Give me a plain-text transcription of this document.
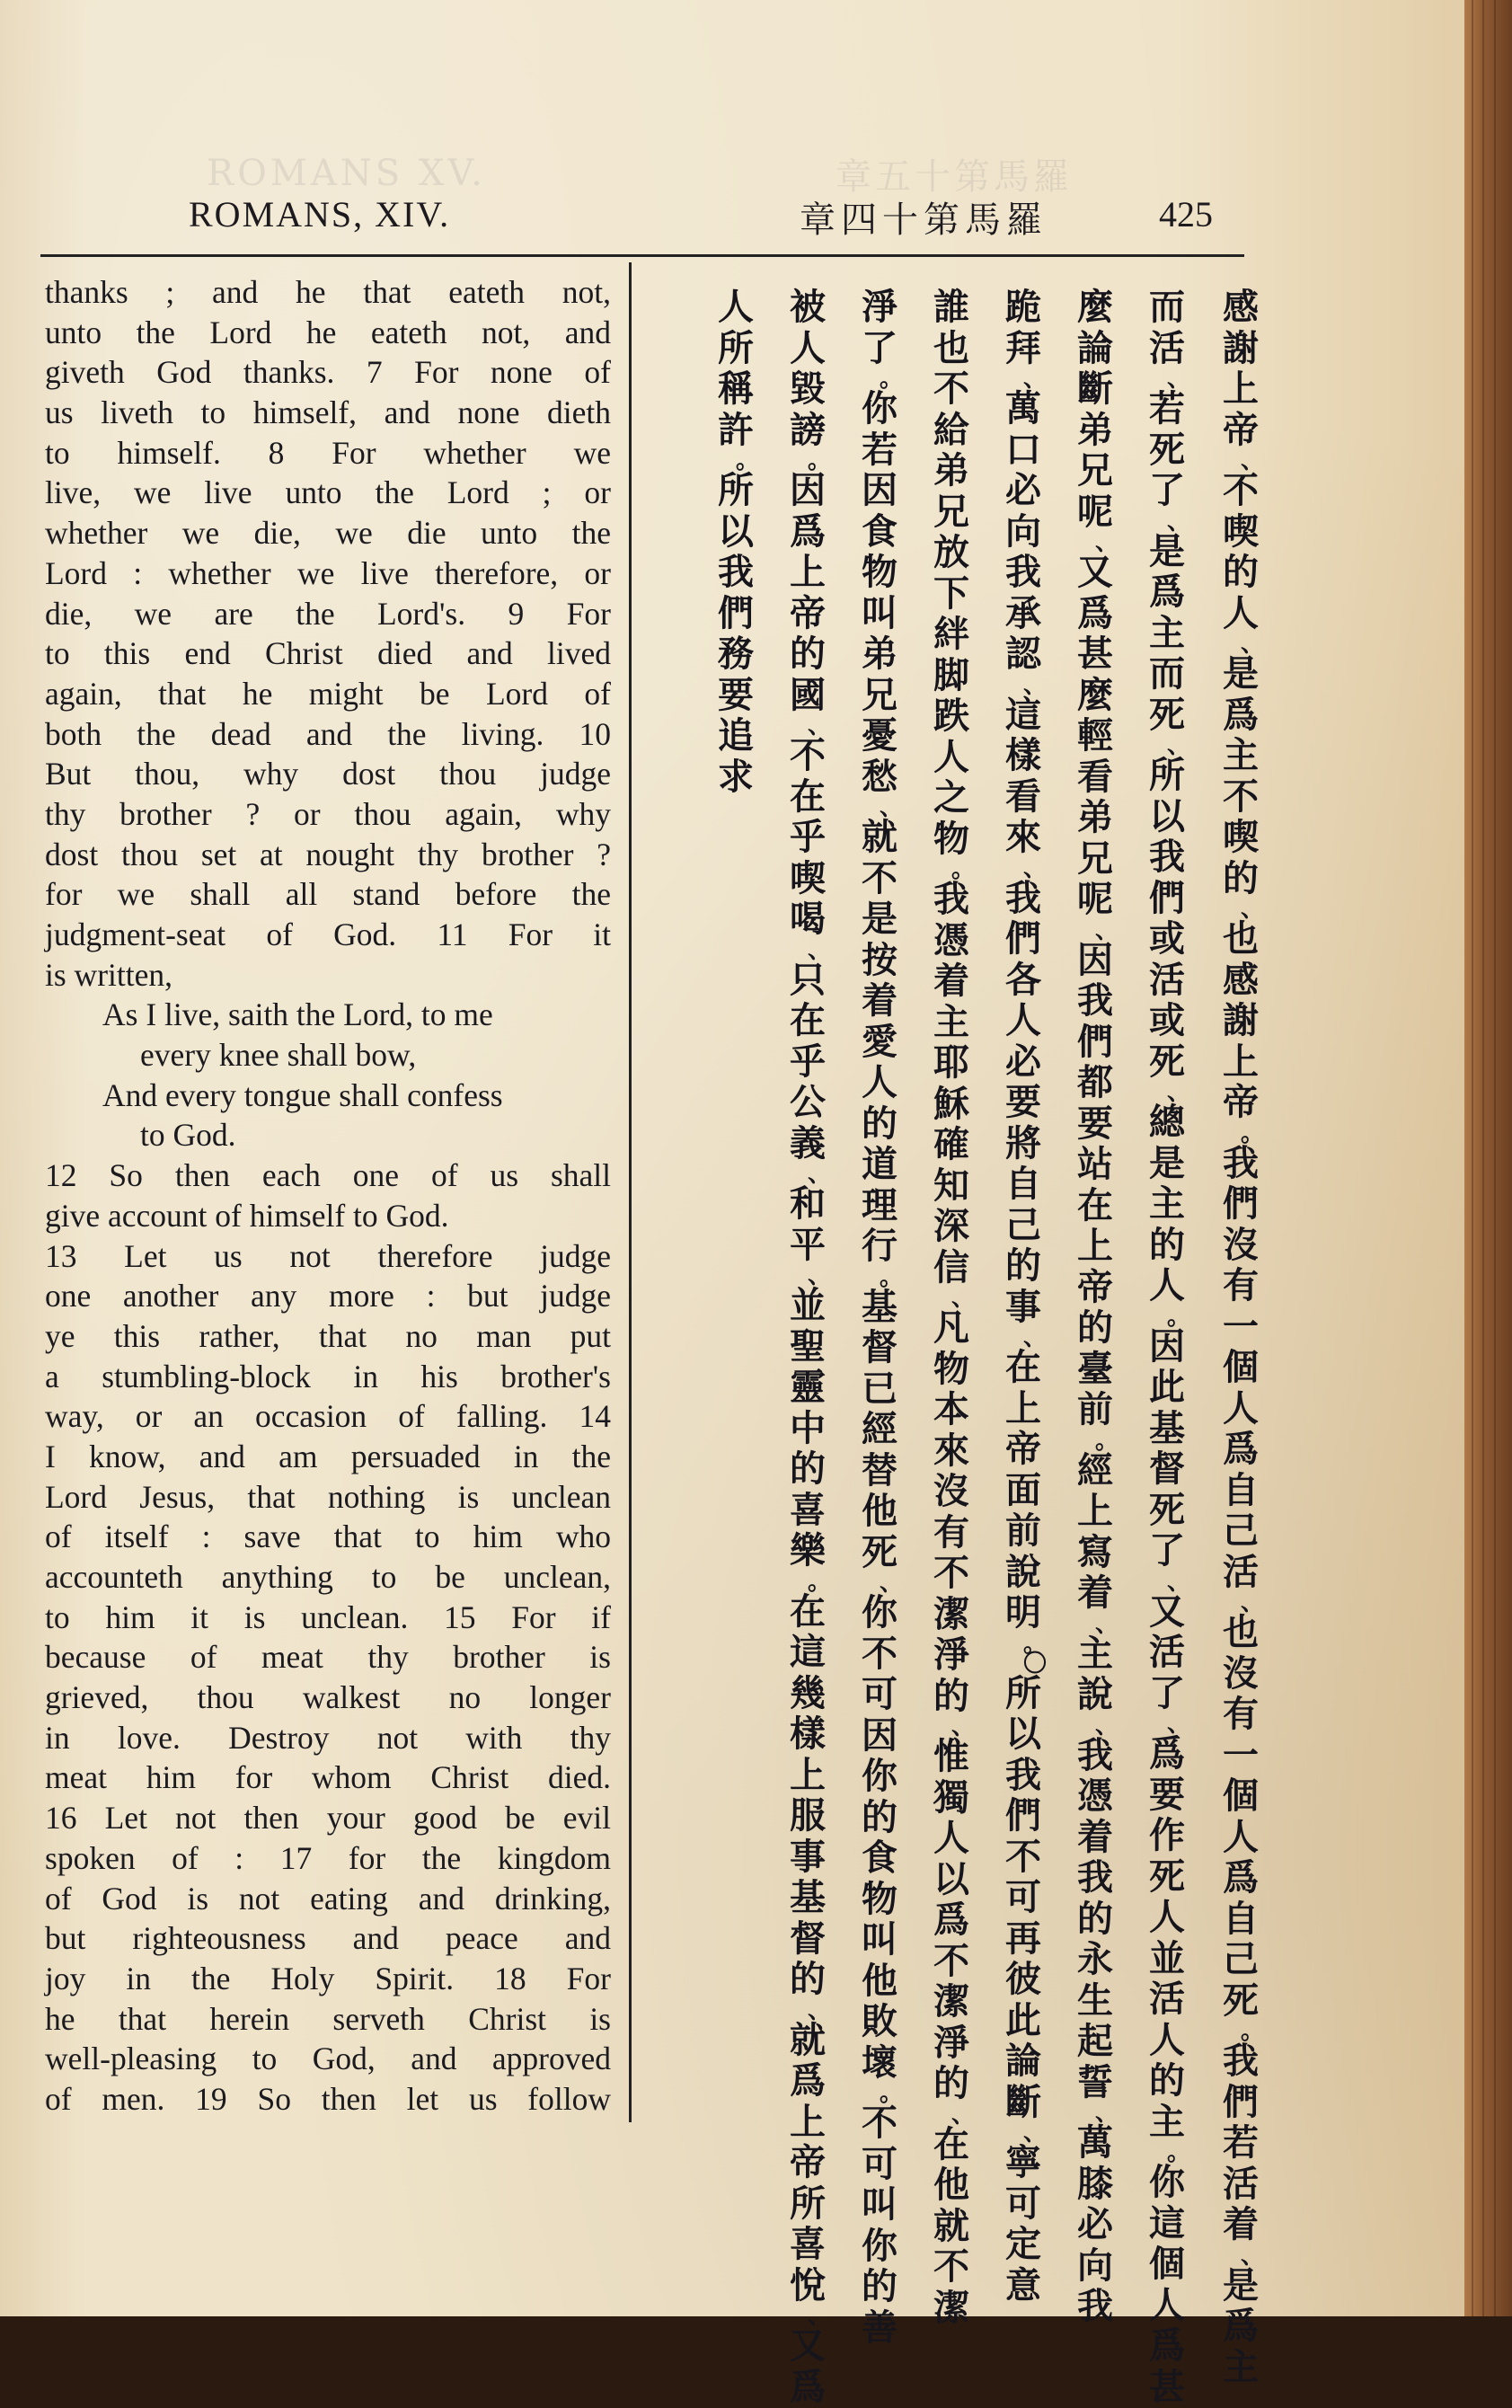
ROMANS XV.	章五十第馬羅
ROMANS, XIV.	章四十第馬羅	425
thanks ; and he that eateth not,
unto the Lord he eateth not, and
giveth God thanks. 7 For none of
us liveth to himself, and none dieth
to himself. 8 For whether we
live, we live unto the Lord ; or
whether we die, we die unto the
Lord : whether we live therefore, or
die, we are the Lord's. 9 For
to this end Christ died and lived
again, that he might be Lord of
both the dead and the living. 10
But thou, why dost thou judge
thy brother ? or thou again, why
dost thou set at nought thy brother ?
for we shall all stand before the
judgment-seat of God. 11 For it
is written,
As I live, saith the Lord, to me
every knee shall bow,
And every tongue shall confess
to God.
12 So then each one of us shall
give account of himself to God.
13 Let us not therefore judge
one another any more : but judge
ye this rather, that no man put
a stumbling-block in his brother's
way, or an occasion of falling. 14
I know, and am persuaded in the
Lord Jesus, that nothing is unclean
of itself : save that to him who
accounteth anything to be unclean,
to him it is unclean. 15 For if
because of meat thy brother is
grieved, thou walkest no longer
in love. Destroy not with thy
meat him for whom Christ died.
16 Let not then your good be evil
spoken of : 17 for the kingdom
of God is not eating and drinking,
but righteousness and peace and
joy in the Holy Spirit. 18 For
he that herein serveth Christ is
well-pleasing to God, and approved
of men. 19 So then let us follow
感
謝
上
帝
、
不
喫
的
人
、
是
爲
主
不
喫
的
、
也
感
謝
上
帝
。
我
們
沒
有
一
個
人
爲
自
己
活
、
也
沒
有
一
個
人
爲
自
己
死
。
我
們
若
活
着
、
是
爲
主
而
活
、
若
死
了
、
是
爲
主
而
死
、
所
以
我
們
或
活
或
死
、
總
是
主
的
人
。
因
此
基
督
死
了
、
又
活
了
、
爲
要
作
死
人
並
活
人
的
主
。
你
這
個
人
爲
甚
麼
論
斷
弟
兄
呢
、
又
爲
甚
麼
輕
看
弟
兄
呢
、
因
我
們
都
要
站
在
上
帝
的
臺
前
。
經
上
寫
着
、
主
說
、
我
憑
着
我
的
永
生
起
誓
、
萬
膝
必
向
我
跪
拜
、
萬
口
必
向
我
承
認
、
這
樣
看
來
、
我
們
各
人
必
要
將
自
己
的
事
、
在
上
帝
面
前
說
明
。
〇
所
以
我
們
不
可
再
彼
此
論
斷
、
寧
可
定
意
誰
也
不
給
弟
兄
放
下
絆
脚
跌
人
之
物
。
我
憑
着
主
耶
穌
確
知
深
信
、
凡
物
本
來
沒
有
不
潔
淨
的
、
惟
獨
人
以
爲
不
潔
淨
的
、
在
他
就
不
潔
淨
了
。
你
若
因
食
物
叫
弟
兄
憂
愁
、
就
不
是
按
着
愛
人
的
道
理
行
。
基
督
已
經
替
他
死
、
你
不
可
因
你
的
食
物
叫
他
敗
壞
。
不
可
叫
你
的
善
被
人
毀
謗
。
因
爲
上
帝
的
國
、
不
在
乎
喫
喝
、
只
在
乎
公
義
、
和
平
、
並
聖
靈
中
的
喜
樂
。
在
這
幾
樣
上
服
事
基
督
的
、
就
爲
上
帝
所
喜
悅
、
又
爲
人
所
稱
許
。
所
以
我
們
務
要
追
求
